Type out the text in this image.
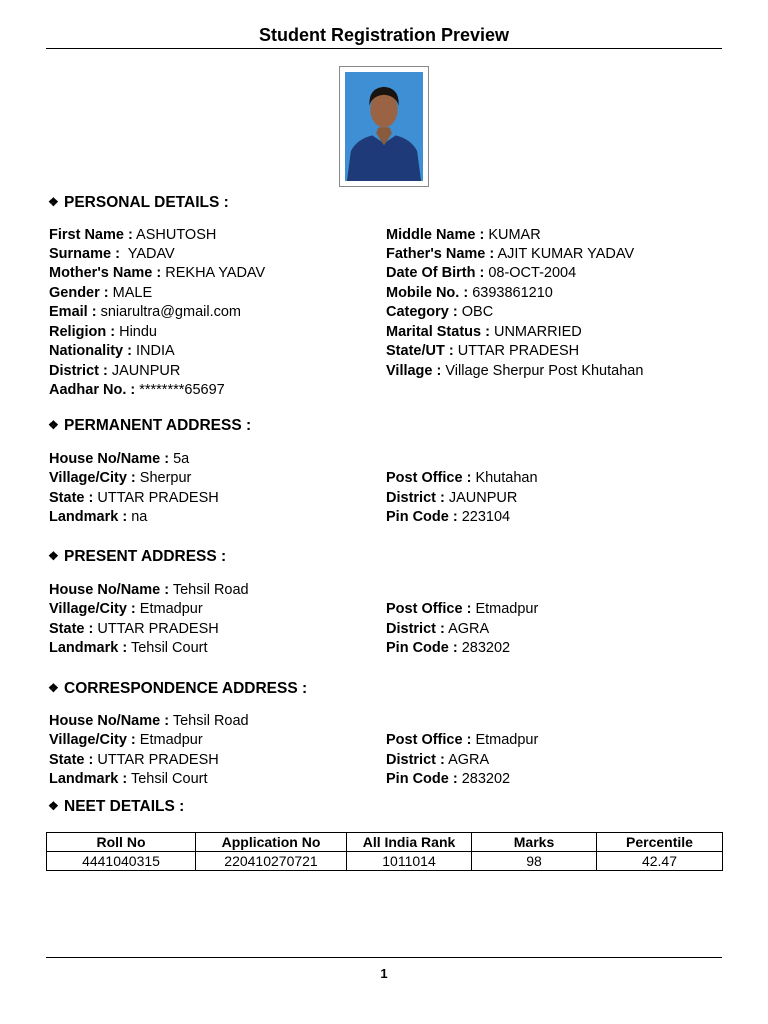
Student Registration Preview
❖ PERSONAL DETAILS :
First Name : ASHUTOSH	Middle Name : KUMAR
Surname :  YADAV	Father's Name : AJIT KUMAR YADAV
Mother's Name : REKHA YADAV	Date Of Birth : 08-OCT-2004
Gender : MALE	Mobile No. : 6393861210
Email : sniarultra@gmail.com	Category : OBC
Religion : Hindu	Marital Status : UNMARRIED
Nationality : INDIA	State/UT : UTTAR PRADESH
District : JAUNPUR	Village : Village Sherpur Post Khutahan
Aadhar No. : ********65697
❖ PERMANENT ADDRESS :
House No/Name : 5a
Village/City : Sherpur	Post Office : Khutahan
State : UTTAR PRADESH	District : JAUNPUR
Landmark : na	Pin Code : 223104
❖ PRESENT ADDRESS :
House No/Name : Tehsil Road
Village/City : Etmadpur	Post Office : Etmadpur
State : UTTAR PRADESH	District : AGRA
Landmark : Tehsil Court	Pin Code : 283202
❖ CORRESPONDENCE ADDRESS :
House No/Name : Tehsil Road
Village/City : Etmadpur	Post Office : Etmadpur
State : UTTAR PRADESH	District : AGRA
Landmark : Tehsil Court	Pin Code : 283202
❖ NEET DETAILS :
Roll No	Application No	All India Rank	Marks	Percentile
4441040315	220410270721	1011014	98	42.47
1
